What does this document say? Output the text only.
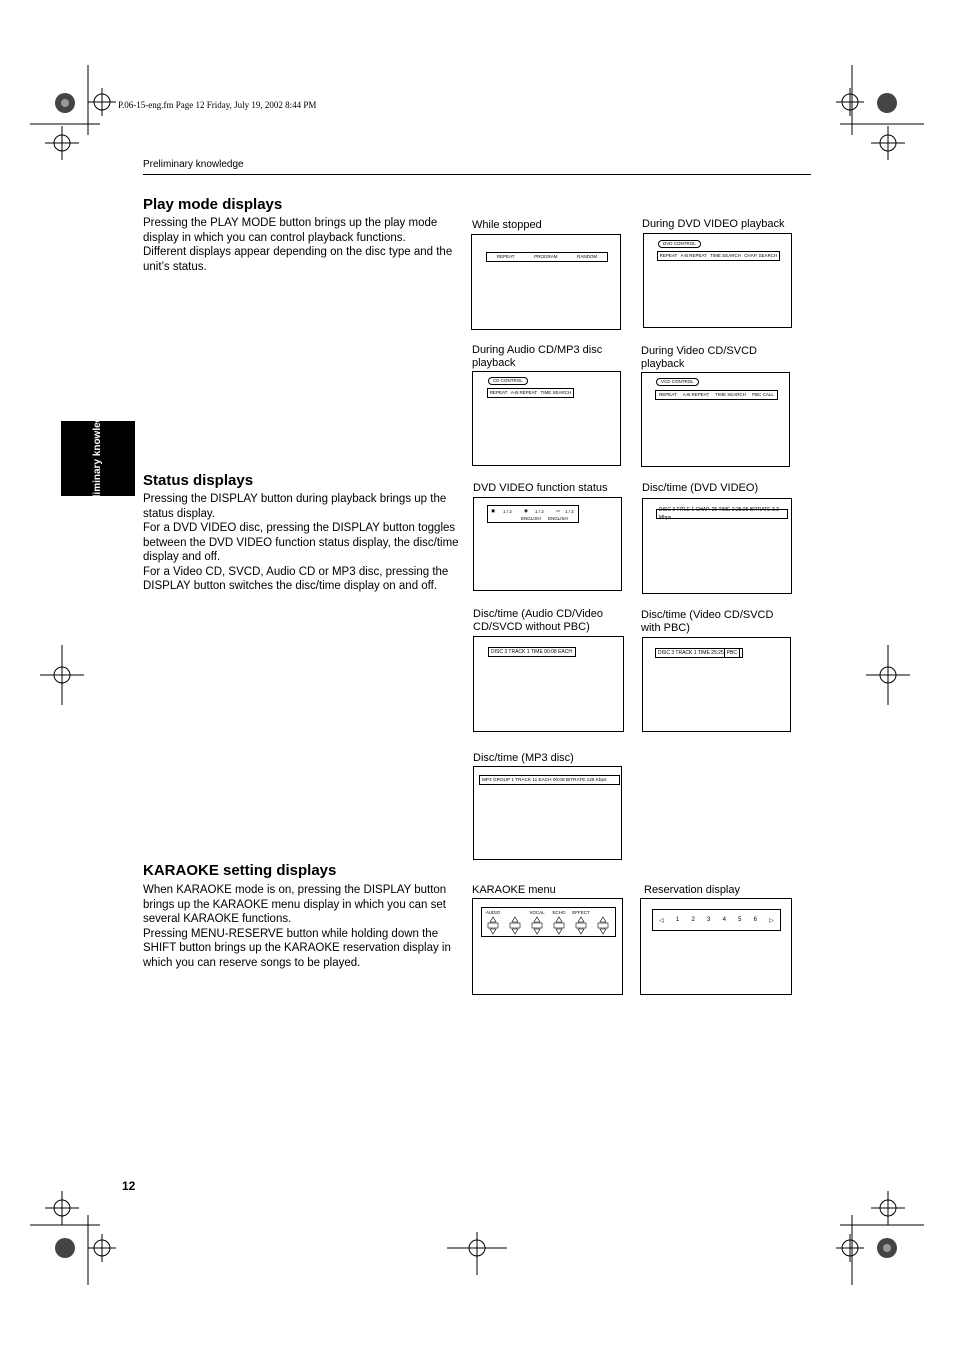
P.06-15-eng.fm Page 12 Friday, July 19, 2002 8:44 PM
Preliminary knowledge
Preliminary knowledge
Play mode displays

Pressing the PLAY MODE button brings up the play mode display in which you can control playback functions.

Different displays appear depending on the disc type and the unit’s status.

Status displays

Pressing the DISPLAY button during playback brings up the status display.

For a DVD VIDEO disc, pressing the DISPLAY button toggles between the DVD VIDEO function status display, the disc/time display and off.

For a Video CD, SVCD, Audio CD or MP3 disc, pressing the DISPLAY button switches the disc/time display on and off.

KARAOKE setting displays

When KARAOKE mode is on, pressing the DISPLAY button brings up the KARAOKE menu display in which you can set several KARAOKE functions.

Pressing MENU-RESERVE button while holding down the SHIFT button brings up the KARAOKE reservation display in which you can reserve songs to be played.

While stopped
REPEAT	PROGRAM	RANDOM
During DVD VIDEO playback
DVD CONTROL
REPEAT A-B REPEAT TIME SEARCH CHAP. SEARCH
During Audio CD/MP3 disc playback
CD CONTROL
REPEAT A-B REPEAT TIME SEARCH
During Video CD/SVCD playback
VCD CONTROL
REPEAT A-B REPEAT TIME SEARCH PBC CALL
DVD VIDEO function status
▣ 1 / 2	◉ 1 / 2	▭ 1 / 2
ENGLISH ENGLISH
Disc/time (DVD VIDEO)
DISC 3 TITLE 1 CHAP. 25 TIME 2:25:25 BITRATE 3.3 Mbps
Disc/time (Audio CD/Video CD/SVCD without PBC)
DISC 3 TRACK 1 TIME 00:08 EACH
Disc/time (Video CD/SVCD with PBC)
DISC 3 TRACK 1 TIME 25:25 PBC
Disc/time (MP3 disc)
MP3 GROUP 1 TRACK 11 EACH 00:08 BITRATE 128 Kbps
KARAOKE menu
AUDIO	VOCAL	ECHO	EFFECT
Reservation display
◁ 1 2 3 4 5 6 ▷
12
